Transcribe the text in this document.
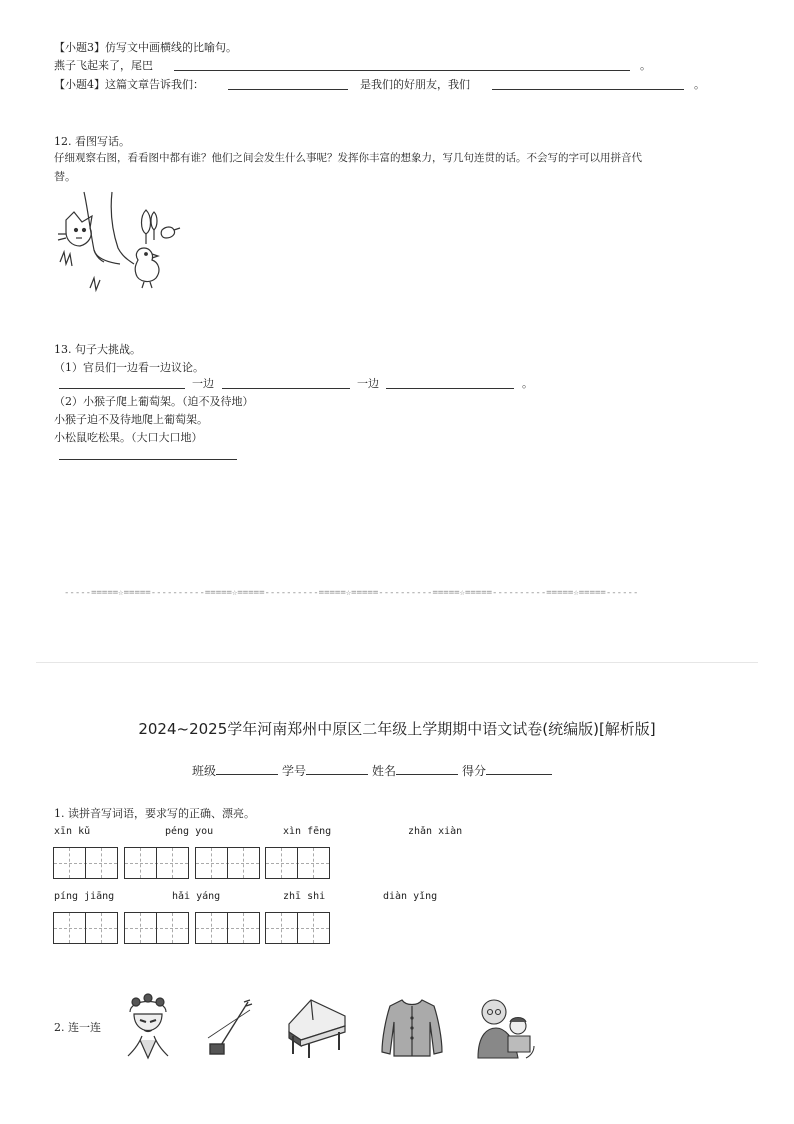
【小题3】仿写文中画横线的比喻句。
燕子飞起来了，尾巴	。
【小题4】这篇文章告诉我们：	是我们的好朋友，我们	。
12. 看图写话。
仔细观察右图，看看图中都有谁？他们之间会发生什么事呢？发挥你丰富的想象力，写几句连贯的话。不会写的字可以用拼音代
替。
13. 句子大挑战。
（1）官员们一边看一边议论。
一边	一边	。
（2）小猴子爬上葡萄架。（迫不及待地）
小猴子迫不及待地爬上葡萄架。
小松鼠吃松果。（大口大口地）
-----=====☆=====----------=====☆=====----------=====☆=====----------=====☆=====----------=====☆=====------
2024~2025学年河南郑州中原区二年级上学期期中语文试卷(统编版)[解析版]
班级	学号	姓名	得分
1. 读拼音写词语，要求写的正确、漂亮。
xīn kǔ	péng you	xìn fēng	zhǎn xiàn
píng jiāng	hǎi yáng	zhī shi	diàn yǐng
2. 连一连
